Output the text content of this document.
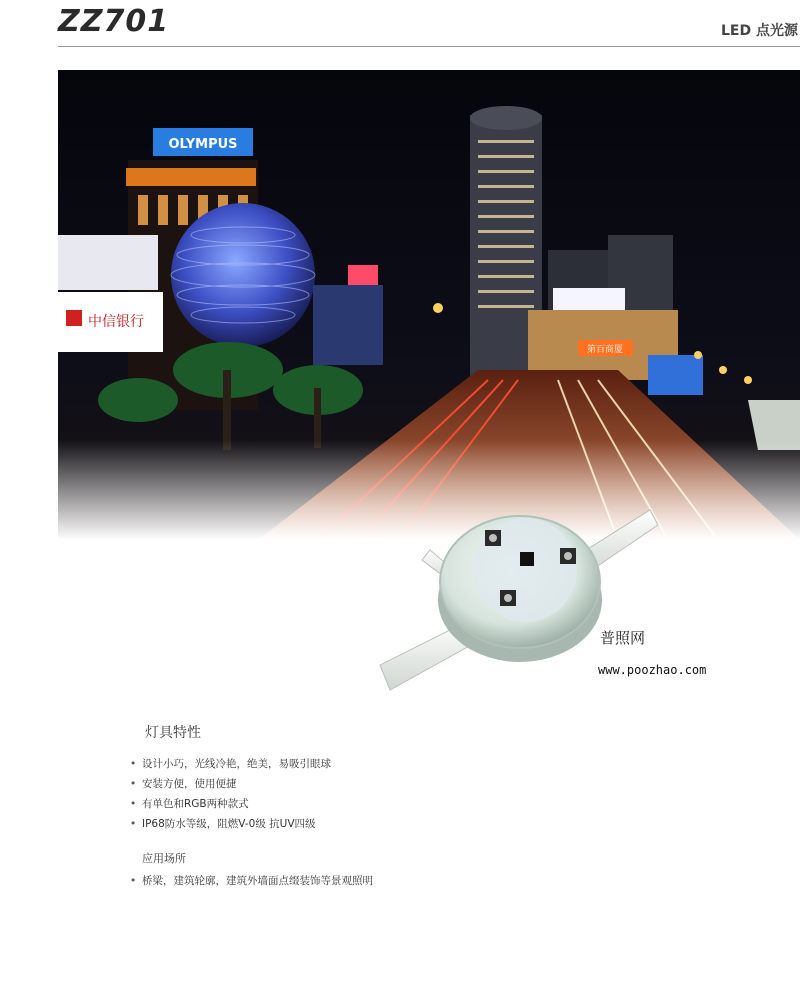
ZZ701	LED 点光源
OLYMPUS
中信银行
第百商厦
普照网
www.poozhao.com
灯具特性
• 设计小巧，光线冷艳，绝美，易吸引眼球
• 安装方便，使用便捷
• 有单色和RGB两种款式
• IP68防水等级，阻燃V-0级 抗UV四级
应用场所
• 桥梁，建筑轮廓，建筑外墙面点缀装饰等景观照明
